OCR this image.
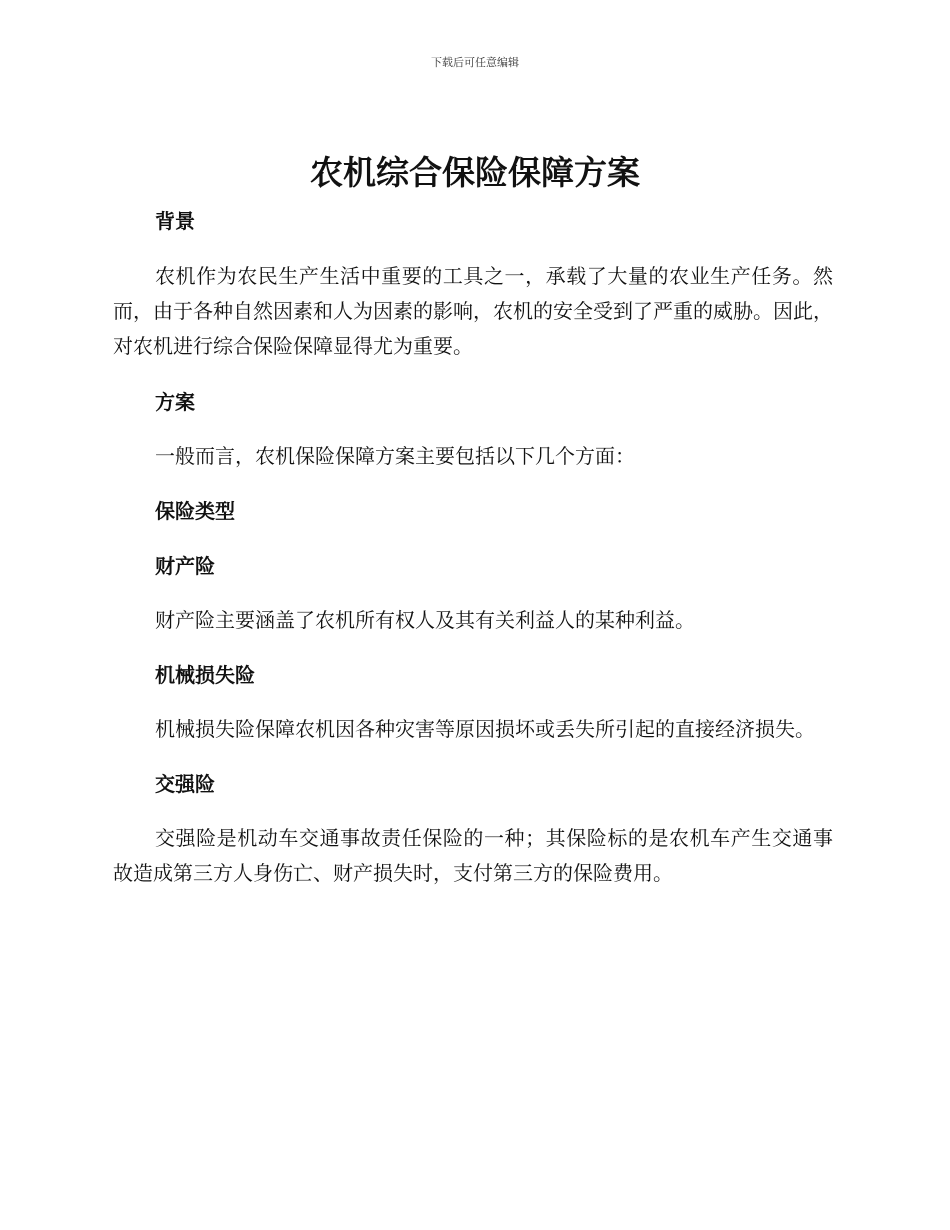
下载后可任意编辑
农机综合保险保障方案

背景

农机作为农民生产生活中重要的工具之一，承载了大量的农业生产任务。然而，由于各种自然因素和人为因素的影响，农机的安全受到了严重的威胁。因此，对农机进行综合保险保障显得尤为重要。

方案

一般而言，农机保险保障方案主要包括以下几个方面：

保险类型

财产险

财产险主要涵盖了农机所有权人及其有关利益人的某种利益。

机械损失险

机械损失险保障农机因各种灾害等原因损坏或丢失所引起的直接经济损失。

交强险

交强险是机动车交通事故责任保险的一种；其保险标的是农机车产生交通事故造成第三方人身伤亡、财产损失时，支付第三方的保险费用。
